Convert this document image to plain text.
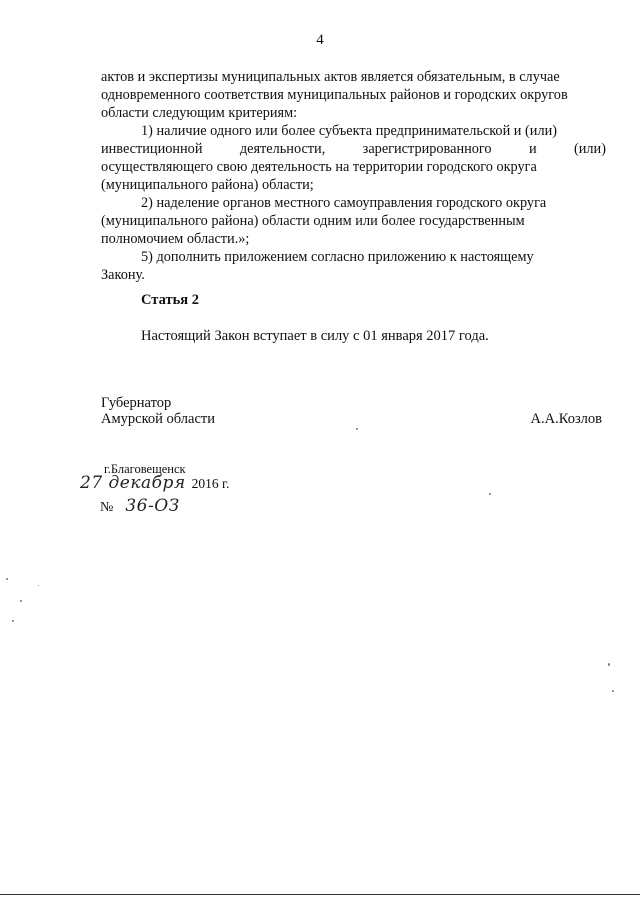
4

актов и экспертизы муниципальных актов является обязательным, в случае

одновременного соответствия муниципальных районов и городских округов

области следующим критериям:

1) наличие одного или более субъекта предпринимательской и (или)

инвестиционной	деятельности,	зарегистрированного	и	(или)

осуществляющего свою деятельность на территории городского округа

(муниципального района) области;

2) наделение органов местного самоуправления городского округа

(муниципального района) области одним или более государственным

полномочием области.»;

5) дополнить приложением согласно приложению к настоящему

Закону.

Статья 2
Настоящий Закон вступает в силу с 01 января 2017 года.
Губернатор
Амурской области	А.А.Козлов
г.Благовещенск
27 декабря 2016 г.
№ 36-ОЗ
